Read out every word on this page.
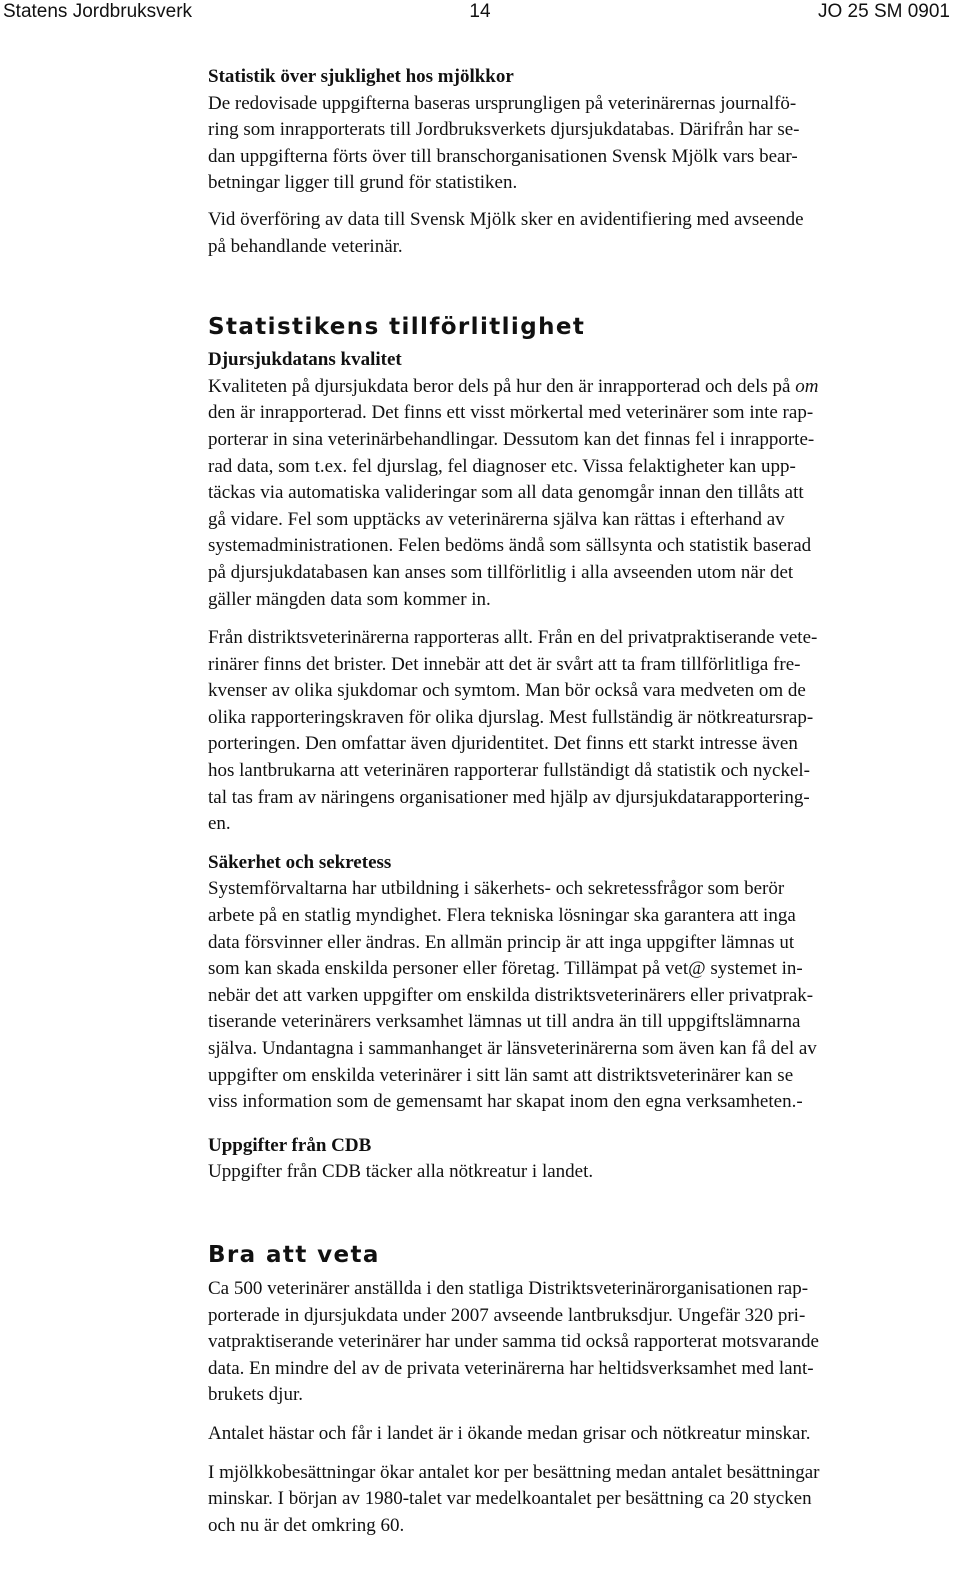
Statens Jordbruksverk	14	JO 25 SM 0901
Statistik över sjuklighet hos mjölkkor
De redovisade uppgifterna baseras ursprungligen på veterinärernas journalfö-
ring som inrapporterats till Jordbruksverkets djursjukdatabas. Därifrån har se-
dan uppgifterna förts över till branschorganisationen Svensk Mjölk vars bear-
betningar ligger till grund för statistiken.
Vid överföring av data till Svensk Mjölk sker en avidentifiering med avseende
på behandlande veterinär.
Statistikens tillförlitlighet
Djursjukdatans kvalitet
Kvaliteten på djursjukdata beror dels på hur den är inrapporterad och dels på om
den är inrapporterad. Det finns ett visst mörkertal med veterinärer som inte rap-
porterar in sina veterinärbehandlingar. Dessutom kan det finnas fel i inrapporte-
rad data, som t.ex. fel djurslag, fel diagnoser etc. Vissa felaktigheter kan upp-
täckas via automatiska valideringar som all data genomgår innan den tillåts att
gå vidare. Fel som upptäcks av veterinärerna själva kan rättas i efterhand av
systemadministrationen. Felen bedöms ändå som sällsynta och statistik baserad
på djursjukdatabasen kan anses som tillförlitlig i alla avseenden utom när det
gäller mängden data som kommer in.
Från distriktsveterinärerna rapporteras allt. Från en del privatpraktiserande vete-
rinärer finns det brister. Det innebär att det är svårt att ta fram tillförlitliga fre-
kvenser av olika sjukdomar och symtom. Man bör också vara medveten om de
olika rapporteringskraven för olika djurslag. Mest fullständig är nötkreatursrap-
porteringen. Den omfattar även djuridentitet. Det finns ett starkt intresse även
hos lantbrukarna att veterinären rapporterar fullständigt då statistik och nyckel-
tal tas fram av näringens organisationer med hjälp av djursjukdatarapportering-
en.
Säkerhet och sekretess
Systemförvaltarna har utbildning i säkerhets- och sekretessfrågor som berör
arbete på en statlig myndighet. Flera tekniska lösningar ska garantera att inga
data försvinner eller ändras. En allmän princip är att inga uppgifter lämnas ut
som kan skada enskilda personer eller företag. Tillämpat på vet@ systemet in-
nebär det att varken uppgifter om enskilda distriktsveterinärers eller privatprak-
tiserande veterinärers verksamhet lämnas ut till andra än till uppgiftslämnarna
själva. Undantagna i sammanhanget är länsveterinärerna som även kan få del av
uppgifter om enskilda veterinärer i sitt län samt att distriktsveterinärer kan se
viss information som de gemensamt har skapat inom den egna verksamheten.-
Uppgifter från CDB
Uppgifter från CDB täcker alla nötkreatur i landet.
Bra att veta
Ca 500 veterinärer anställda i den statliga Distriktsveterinärorganisationen rap-
porterade in djursjukdata under 2007 avseende lantbruksdjur. Ungefär 320 pri-
vatpraktiserande veterinärer har under samma tid också rapporterat motsvarande
data. En mindre del av de privata veterinärerna har heltidsverksamhet med lant-
brukets djur.
Antalet hästar och får i landet är i ökande medan grisar och nötkreatur minskar.
I mjölkkobesättningar ökar antalet kor per besättning medan antalet besättningar
minskar. I början av 1980-talet var medelkoantalet per besättning ca 20 stycken
och nu är det omkring 60.
